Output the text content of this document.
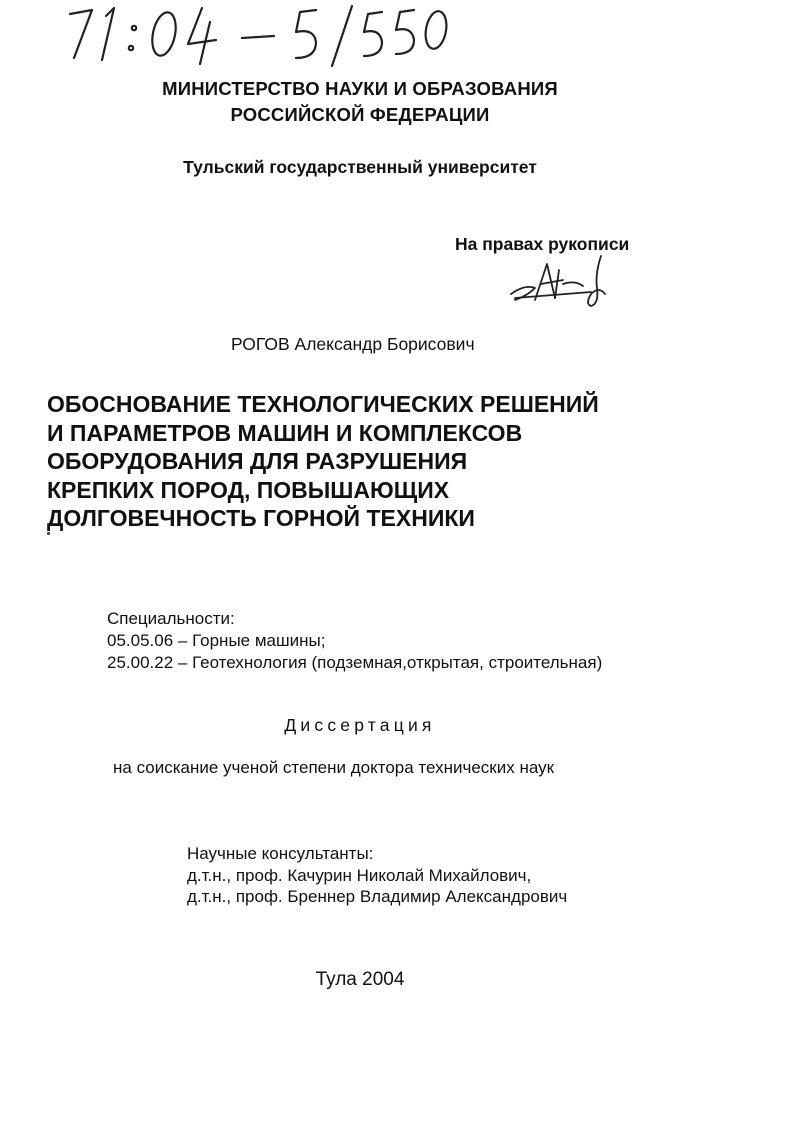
МИНИСТЕРСТВО НАУКИ И ОБРАЗОВАНИЯ
РОССИЙСКОЙ ФЕДЕРАЦИИ
Тульский государственный университет
На правах рукописи
РОГОВ Александр Борисович
ОБОСНОВАНИЕ ТЕХНОЛОГИЧЕСКИХ РЕШЕНИЙ
И ПАРАМЕТРОВ МАШИН И КОМПЛЕКСОВ
ОБОРУДОВАНИЯ ДЛЯ РАЗРУШЕНИЯ
КРЕПКИХ ПОРОД, ПОВЫШАЮЩИХ
ДОЛГОВЕЧНОСТЬ ГОРНОЙ ТЕХНИКИ
Специальности:
05.05.06 – Горные машины;
25.00.22 – Геотехнология (подземная,открытая, строительная)
Диссертация
на соискание ученой степени доктора технических наук
Научные консультанты:
д.т.н., проф. Качурин Николай Михайлович,
д.т.н., проф. Бреннер Владимир Александрович
Тула 2004
